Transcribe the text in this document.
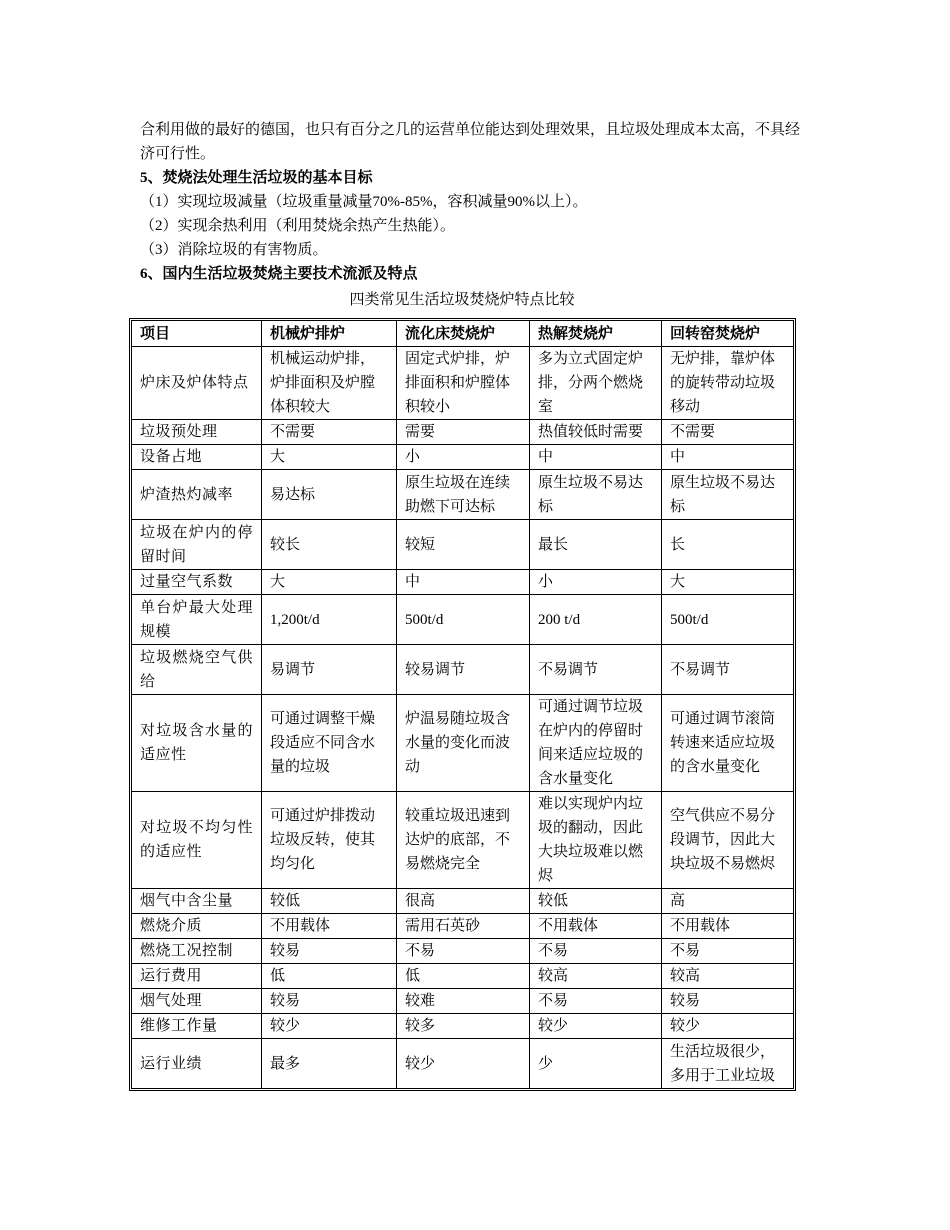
合利用做的最好的德国，也只有百分之几的运营单位能达到处理效果，且垃圾处理成本太高，不具经济可行性。

5、焚烧法处理生活垃圾的基本目标

（1）实现垃圾减量（垃圾重量减量70%-85%，容积减量90%以上）。

（2）实现余热利用（利用焚烧余热产生热能）。

（3）消除垃圾的有害物质。

6、国内生活垃圾焚烧主要技术流派及特点

四类常见生活垃圾焚烧炉特点比较
项目	机械炉排炉	流化床焚烧炉	热解焚烧炉	回转窑焚烧炉
炉床及炉体特点	机械运动炉排，炉排面积及炉膛体积较大	固定式炉排，炉排面积和炉膛体积较小	多为立式固定炉排，分两个燃烧室	无炉排，靠炉体的旋转带动垃圾移动
垃圾预处理	不需要	需要	热值较低时需要	不需要
设备占地	大	小	中	中
炉渣热灼减率	易达标	原生垃圾在连续助燃下可达标	原生垃圾不易达标	原生垃圾不易达标
垃圾在炉内的停留时间	较长	较短	最长	长
过量空气系数	大	中	小	大
单台炉最大处理规模	1,200t/d	500t/d	200 t/d	500t/d
垃圾燃烧空气供给	易调节	较易调节	不易调节	不易调节
对垃圾含水量的适应性	可通过调整干燥段适应不同含水量的垃圾	炉温易随垃圾含水量的变化而波动	可通过调节垃圾在炉内的停留时间来适应垃圾的含水量变化	可通过调节滚筒转速来适应垃圾的含水量变化
对垃圾不均匀性的适应性	可通过炉排拨动垃圾反转，使其均匀化	较重垃圾迅速到达炉的底部，不易燃烧完全	难以实现炉内垃圾的翻动，因此大块垃圾难以燃烬	空气供应不易分段调节，因此大块垃圾不易燃烬
烟气中含尘量	较低	很高	较低	高
燃烧介质	不用载体	需用石英砂	不用载体	不用载体
燃烧工况控制	较易	不易	不易	不易
运行费用	低	低	较高	较高
烟气处理	较易	较难	不易	较易
维修工作量	较少	较多	较少	较少
运行业绩	最多	较少	少	生活垃圾很少，多用于工业垃圾
